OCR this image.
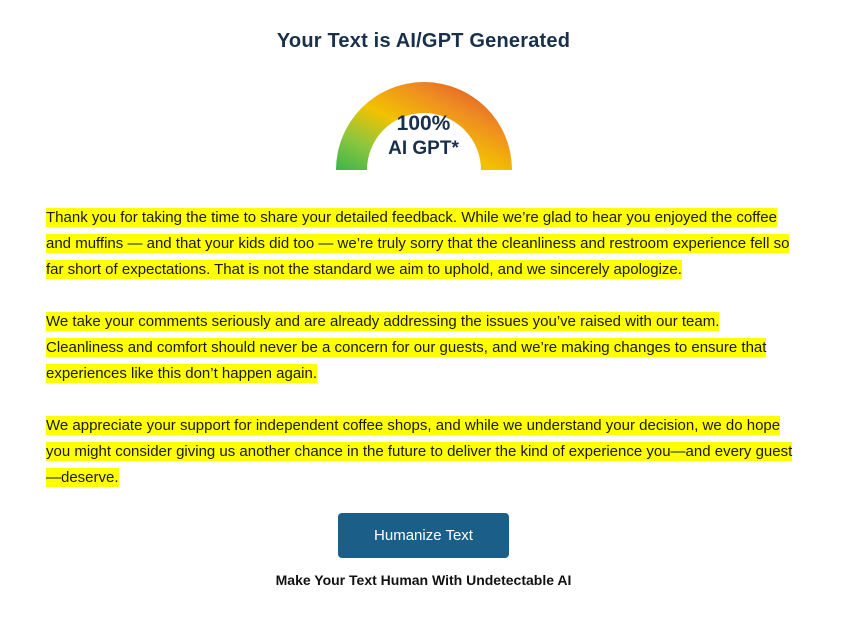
Your Text is AI/GPT Generated
100%
AI GPT*

Thank you for taking the time to share your detailed feedback. While we’re glad to hear you enjoyed the coffee and muffins — and that your kids did too — we’re truly sorry that the cleanliness and restroom experience fell so far short of expectations. That is not the standard we aim to uphold, and we sincerely apologize.

We take your comments seriously and are already addressing the issues you’ve raised with our team. Cleanliness and comfort should never be a concern for our guests, and we’re making changes to ensure that experiences like this don’t happen again.

We appreciate your support for independent coffee shops, and while we understand your decision, we do hope you might consider giving us another chance in the future to deliver the kind of experience you—and every guest—deserve.

Humanize Text
Make Your Text Human With Undetectable AI
